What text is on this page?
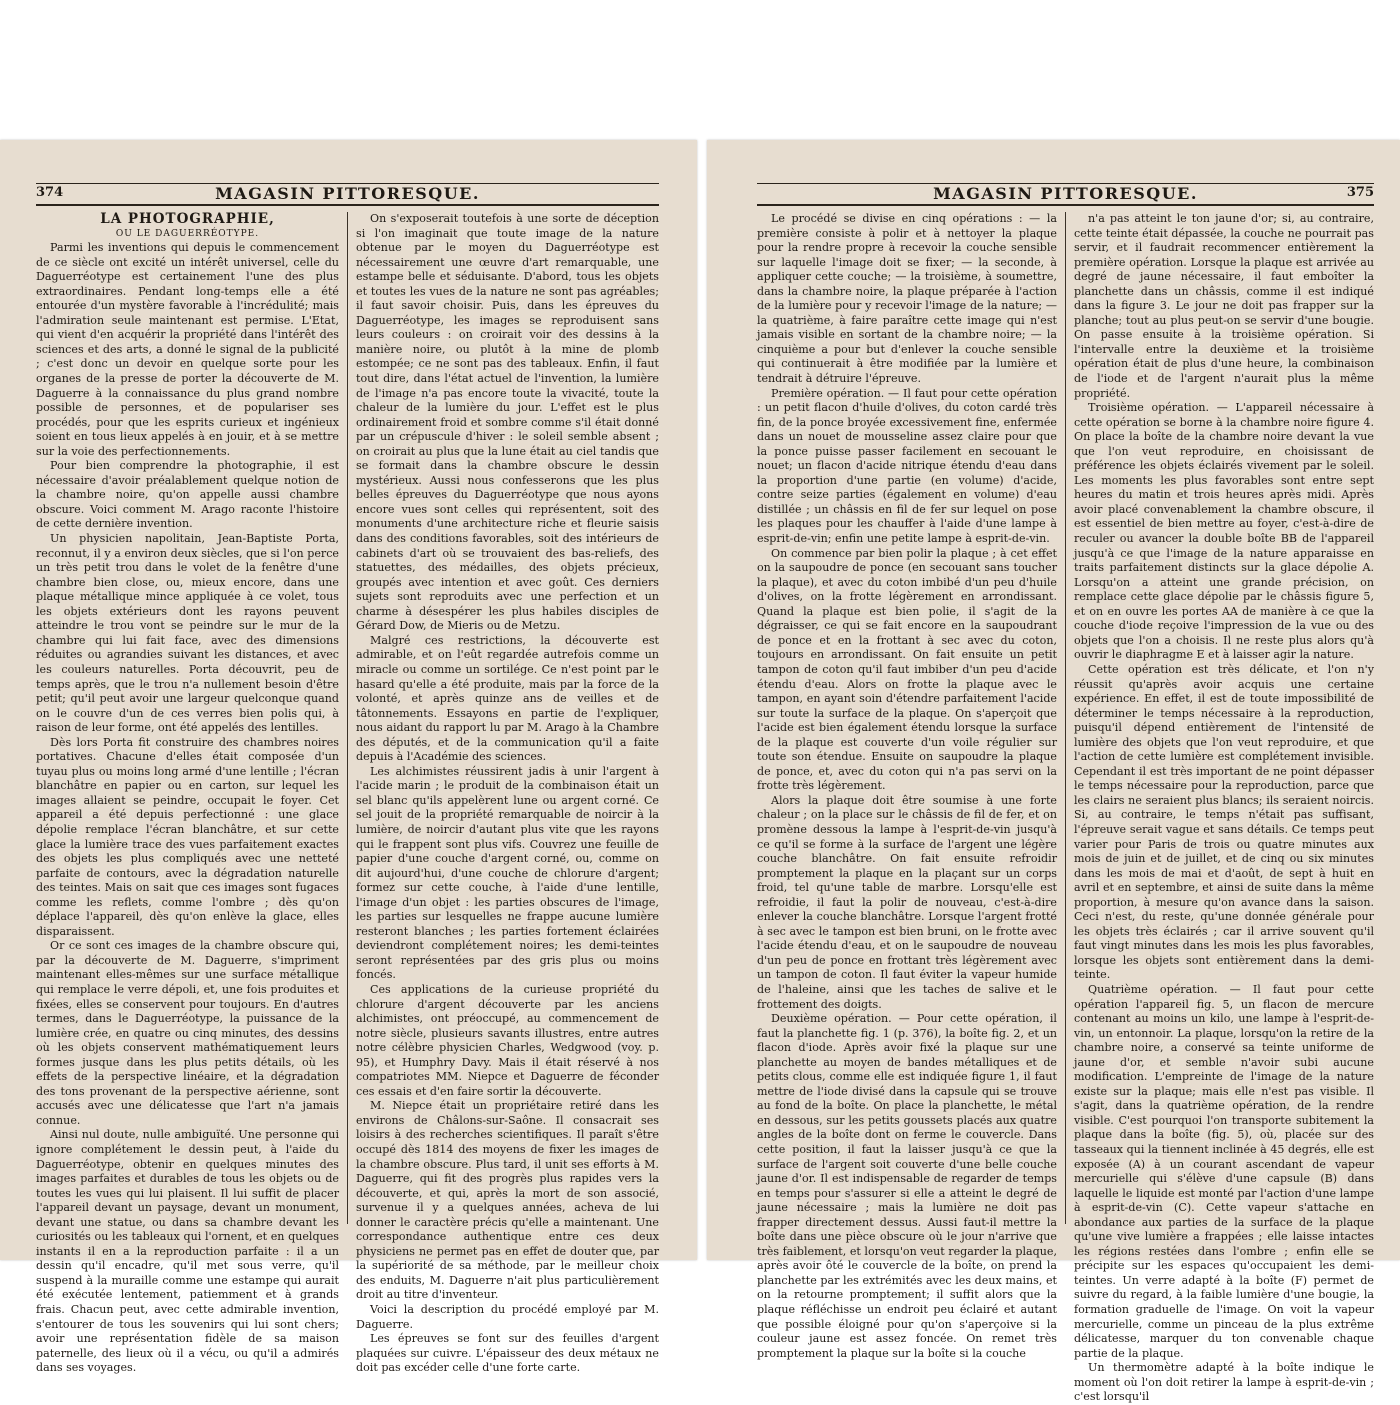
374	MAGASIN PITTORESQUE.

LA PHOTOGRAPHIE,

OU LE DAGUERRÉOTYPE.

Parmi les inventions qui depuis le commencement de ce siècle ont excité un intérêt universel, celle du Daguerréotype est certainement l'une des plus extraordinaires. Pendant long-temps elle a été entourée d'un mystère favorable à l'incrédulité; mais l'admiration seule maintenant est permise. L'Etat, qui vient d'en acquérir la propriété dans l'intérêt des sciences et des arts, a donné le signal de la publicité ; c'est donc un devoir en quelque sorte pour les organes de la presse de porter la découverte de M. Daguerre à la connaissance du plus grand nombre possible de personnes, et de populariser ses procédés, pour que les esprits curieux et ingénieux soient en tous lieux appelés à en jouir, et à se mettre sur la voie des perfectionnements.

Pour bien comprendre la photographie, il est nécessaire d'avoir préalablement quelque notion de la chambre noire, qu'on appelle aussi chambre obscure. Voici comment M. Arago raconte l'histoire de cette dernière invention.

Un physicien napolitain, Jean-Baptiste Porta, reconnut, il y a environ deux siècles, que si l'on perce un très petit trou dans le volet de la fenêtre d'une chambre bien close, ou, mieux encore, dans une plaque métallique mince appliquée à ce volet, tous les objets extérieurs dont les rayons peuvent atteindre le trou vont se peindre sur le mur de la chambre qui lui fait face, avec des dimensions réduites ou agrandies suivant les distances, et avec les couleurs naturelles. Porta découvrit, peu de temps après, que le trou n'a nullement besoin d'être petit; qu'il peut avoir une largeur quelconque quand on le couvre d'un de ces verres bien polis qui, à raison de leur forme, ont été appelés des lentilles.

Dès lors Porta fit construire des chambres noires portatives. Chacune d'elles était composée d'un tuyau plus ou moins long armé d'une lentille ; l'écran blanchâtre en papier ou en carton, sur lequel les images allaient se peindre, occupait le foyer. Cet appareil a été depuis perfectionné : une glace dépolie remplace l'écran blanchâtre, et sur cette glace la lumière trace des vues parfaitement exactes des objets les plus compliqués avec une netteté parfaite de contours, avec la dégradation naturelle des teintes. Mais on sait que ces images sont fugaces comme les reflets, comme l'ombre ; dès qu'on déplace l'appareil, dès qu'on enlève la glace, elles disparaissent.

Or ce sont ces images de la chambre obscure qui, par la découverte de M. Daguerre, s'impriment maintenant elles-mêmes sur une surface métallique qui remplace le verre dépoli, et, une fois produites et fixées, elles se conservent pour toujours. En d'autres termes, dans le Daguerréotype, la puissance de la lumière crée, en quatre ou cinq minutes, des dessins où les objets conservent mathématiquement leurs formes jusque dans les plus petits détails, où les effets de la perspective linéaire, et la dégradation des tons provenant de la perspective aérienne, sont accusés avec une délicatesse que l'art n'a jamais connue.

Ainsi nul doute, nulle ambiguïté. Une personne qui ignore complétement le dessin peut, à l'aide du Daguerréotype, obtenir en quelques minutes des images parfaites et durables de tous les objets ou de toutes les vues qui lui plaisent. Il lui suffit de placer l'appareil devant un paysage, devant un monument, devant une statue, ou dans sa chambre devant les curiosités ou les tableaux qui l'ornent, et en quelques instants il en a la reproduction parfaite : il a un dessin qu'il encadre, qu'il met sous verre, qu'il suspend à la muraille comme une estampe qui aurait été exécutée lentement, patiemment et à grands frais. Chacun peut, avec cette admirable invention, s'entourer de tous les souvenirs qui lui sont chers; avoir une représentation fidèle de sa maison paternelle, des lieux où il a vécu, ou qu'il a admirés dans ses voyages.

On s'exposerait toutefois à une sorte de déception si l'on imaginait que toute image de la nature obtenue par le moyen du Daguerréotype est nécessairement une œuvre d'art remarquable, une estampe belle et séduisante. D'abord, tous les objets et toutes les vues de la nature ne sont pas agréables; il faut savoir choisir. Puis, dans les épreuves du Daguerréotype, les images se reproduisent sans leurs couleurs : on croirait voir des dessins à la manière noire, ou plutôt à la mine de plomb estompée; ce ne sont pas des tableaux. Enfin, il faut tout dire, dans l'état actuel de l'invention, la lumière de l'image n'a pas encore toute la vivacité, toute la chaleur de la lumière du jour. L'effet est le plus ordinairement froid et sombre comme s'il était donné par un crépuscule d'hiver : le soleil semble absent ; on croirait au plus que la lune était au ciel tandis que se formait dans la chambre obscure le dessin mystérieux. Aussi nous confesserons que les plus belles épreuves du Daguerréotype que nous ayons encore vues sont celles qui représentent, soit des monuments d'une architecture riche et fleurie saisis dans des conditions favorables, soit des intérieurs de cabinets d'art où se trouvaient des bas-reliefs, des statuettes, des médailles, des objets précieux, groupés avec intention et avec goût. Ces derniers sujets sont reproduits avec une perfection et un charme à désespérer les plus habiles disciples de Gérard Dow, de Mieris ou de Metzu.

Malgré ces restrictions, la découverte est admirable, et on l'eût regardée autrefois comme un miracle ou comme un sortilége. Ce n'est point par le hasard qu'elle a été produite, mais par la force de la volonté, et après quinze ans de veilles et de tâtonnements. Essayons en partie de l'expliquer, nous aidant du rapport lu par M. Arago à la Chambre des députés, et de la communication qu'il a faite depuis à l'Académie des sciences.

Les alchimistes réussirent jadis à unir l'argent à l'acide marin ; le produit de la combinaison était un sel blanc qu'ils appelèrent lune ou argent corné. Ce sel jouit de la propriété remarquable de noircir à la lumière, de noircir d'autant plus vite que les rayons qui le frappent sont plus vifs. Couvrez une feuille de papier d'une couche d'argent corné, ou, comme on dit aujourd'hui, d'une couche de chlorure d'argent; formez sur cette couche, à l'aide d'une lentille, l'image d'un objet : les parties obscures de l'image, les parties sur lesquelles ne frappe aucune lumière resteront blanches ; les parties fortement éclairées deviendront complétement noires; les demi-teintes seront représentées par des gris plus ou moins foncés.

Ces applications de la curieuse propriété du chlorure d'argent découverte par les anciens alchimistes, ont préoccupé, au commencement de notre siècle, plusieurs savants illustres, entre autres notre célèbre physicien Charles, Wedgwood (voy. p. 95), et Humphry Davy. Mais il était réservé à nos compatriotes MM. Niepce et Daguerre de féconder ces essais et d'en faire sortir la découverte.

M. Niepce était un propriétaire retiré dans les environs de Châlons-sur-Saône. Il consacrait ses loisirs à des recherches scientifiques. Il paraît s'être occupé dès 1814 des moyens de fixer les images de la chambre obscure. Plus tard, il unit ses efforts à M. Daguerre, qui fit des progrès plus rapides vers la découverte, et qui, après la mort de son associé, survenue il y a quelques années, acheva de lui donner le caractère précis qu'elle a maintenant. Une correspondance authentique entre ces deux physiciens ne permet pas en effet de douter que, par la supériorité de sa méthode, par le meilleur choix des enduits, M. Daguerre n'ait plus particulièrement droit au titre d'inventeur.

Voici la description du procédé employé par M. Daguerre.

Les épreuves se font sur des feuilles d'argent plaquées sur cuivre. L'épaisseur des deux métaux ne doit pas excéder celle d'une forte carte.

MAGASIN PITTORESQUE.	375

Le procédé se divise en cinq opérations : — la première consiste à polir et à nettoyer la plaque pour la rendre propre à recevoir la couche sensible sur laquelle l'image doit se fixer; — la seconde, à appliquer cette couche; — la troisième, à soumettre, dans la chambre noire, la plaque préparée à l'action de la lumière pour y recevoir l'image de la nature; — la quatrième, à faire paraître cette image qui n'est jamais visible en sortant de la chambre noire; — la cinquième a pour but d'enlever la couche sensible qui continuerait à être modifiée par la lumière et tendrait à détruire l'épreuve.

Première opération. — Il faut pour cette opération : un petit flacon d'huile d'olives, du coton cardé très fin, de la ponce broyée excessivement fine, enfermée dans un nouet de mousseline assez claire pour que la ponce puisse passer facilement en secouant le nouet; un flacon d'acide nitrique étendu d'eau dans la proportion d'une partie (en volume) d'acide, contre seize parties (également en volume) d'eau distillée ; un châssis en fil de fer sur lequel on pose les plaques pour les chauffer à l'aide d'une lampe à esprit-de-vin; enfin une petite lampe à esprit-de-vin.

On commence par bien polir la plaque ; à cet effet on la saupoudre de ponce (en secouant sans toucher la plaque), et avec du coton imbibé d'un peu d'huile d'olives, on la frotte légèrement en arrondissant. Quand la plaque est bien polie, il s'agit de la dégraisser, ce qui se fait encore en la saupoudrant de ponce et en la frottant à sec avec du coton, toujours en arrondissant. On fait ensuite un petit tampon de coton qu'il faut imbiber d'un peu d'acide étendu d'eau. Alors on frotte la plaque avec le tampon, en ayant soin d'étendre parfaitement l'acide sur toute la surface de la plaque. On s'aperçoit que l'acide est bien également étendu lorsque la surface de la plaque est couverte d'un voile régulier sur toute son étendue. Ensuite on saupoudre la plaque de ponce, et, avec du coton qui n'a pas servi on la frotte très légèrement.

Alors la plaque doit être soumise à une forte chaleur ; on la place sur le châssis de fil de fer, et on promène dessous la lampe à l'esprit-de-vin jusqu'à ce qu'il se forme à la surface de l'argent une légère couche blanchâtre. On fait ensuite refroidir promptement la plaque en la plaçant sur un corps froid, tel qu'une table de marbre. Lorsqu'elle est refroidie, il faut la polir de nouveau, c'est-à-dire enlever la couche blanchâtre. Lorsque l'argent frotté à sec avec le tampon est bien bruni, on le frotte avec l'acide étendu d'eau, et on le saupoudre de nouveau d'un peu de ponce en frottant très légèrement avec un tampon de coton. Il faut éviter la vapeur humide de l'haleine, ainsi que les taches de salive et le frottement des doigts.

Deuxième opération. — Pour cette opération, il faut la planchette fig. 1 (p. 376), la boîte fig. 2, et un flacon d'iode. Après avoir fixé la plaque sur une planchette au moyen de bandes métalliques et de petits clous, comme elle est indiquée figure 1, il faut mettre de l'iode divisé dans la capsule qui se trouve au fond de la boîte. On place la planchette, le métal en dessous, sur les petits goussets placés aux quatre angles de la boîte dont on ferme le couvercle. Dans cette position, il faut la laisser jusqu'à ce que la surface de l'argent soit couverte d'une belle couche jaune d'or. Il est indispensable de regarder de temps en temps pour s'assurer si elle a atteint le degré de jaune nécessaire ; mais la lumière ne doit pas frapper directement dessus. Aussi faut-il mettre la boîte dans une pièce obscure où le jour n'arrive que très faiblement, et lorsqu'on veut regarder la plaque, après avoir ôté le couvercle de la boîte, on prend la planchette par les extrémités avec les deux mains, et on la retourne promptement; il suffit alors que la plaque réfléchisse un endroit peu éclairé et autant que possible éloigné pour qu'on s'aperçoive si la couleur jaune est assez foncée. On remet très promptement la plaque sur la boîte si la couche

n'a pas atteint le ton jaune d'or; si, au contraire, cette teinte était dépassée, la couche ne pourrait pas servir, et il faudrait recommencer entièrement la première opération. Lorsque la plaque est arrivée au degré de jaune nécessaire, il faut emboîter la planchette dans un châssis, comme il est indiqué dans la figure 3. Le jour ne doit pas frapper sur la planche; tout au plus peut-on se servir d'une bougie. On passe ensuite à la troisième opération. Si l'intervalle entre la deuxième et la troisième opération était de plus d'une heure, la combinaison de l'iode et de l'argent n'aurait plus la même propriété.

Troisième opération. — L'appareil nécessaire à cette opération se borne à la chambre noire figure 4. On place la boîte de la chambre noire devant la vue que l'on veut reproduire, en choisissant de préférence les objets éclairés vivement par le soleil. Les moments les plus favorables sont entre sept heures du matin et trois heures après midi. Après avoir placé convenablement la chambre obscure, il est essentiel de bien mettre au foyer, c'est-à-dire de reculer ou avancer la double boîte BB de l'appareil jusqu'à ce que l'image de la nature apparaisse en traits parfaitement distincts sur la glace dépolie A. Lorsqu'on a atteint une grande précision, on remplace cette glace dépolie par le châssis figure 5, et on en ouvre les portes AA de manière à ce que la couche d'iode reçoive l'impression de la vue ou des objets que l'on a choisis. Il ne reste plus alors qu'à ouvrir le diaphragme E et à laisser agir la nature.

Cette opération est très délicate, et l'on n'y réussit qu'après avoir acquis une certaine expérience. En effet, il est de toute impossibilité de déterminer le temps nécessaire à la reproduction, puisqu'il dépend entièrement de l'intensité de lumière des objets que l'on veut reproduire, et que l'action de cette lumière est complétement invisible. Cependant il est très important de ne point dépasser le temps nécessaire pour la reproduction, parce que les clairs ne seraient plus blancs; ils seraient noircis. Si, au contraire, le temps n'était pas suffisant, l'épreuve serait vague et sans détails. Ce temps peut varier pour Paris de trois ou quatre minutes aux mois de juin et de juillet, et de cinq ou six minutes dans les mois de mai et d'août, de sept à huit en avril et en septembre, et ainsi de suite dans la même proportion, à mesure qu'on avance dans la saison. Ceci n'est, du reste, qu'une donnée générale pour les objets très éclairés ; car il arrive souvent qu'il faut vingt minutes dans les mois les plus favorables, lorsque les objets sont entièrement dans la demi-teinte.

Quatrième opération. — Il faut pour cette opération l'appareil fig. 5, un flacon de mercure contenant au moins un kilo, une lampe à l'esprit-de-vin, un entonnoir. La plaque, lorsqu'on la retire de la chambre noire, a conservé sa teinte uniforme de jaune d'or, et semble n'avoir subi aucune modification. L'empreinte de l'image de la nature existe sur la plaque; mais elle n'est pas visible. Il s'agit, dans la quatrième opération, de la rendre visible. C'est pourquoi l'on transporte subitement la plaque dans la boîte (fig. 5), où, placée sur des tasseaux qui la tiennent inclinée à 45 degrés, elle est exposée (A) à un courant ascendant de vapeur mercurielle qui s'élève d'une capsule (B) dans laquelle le liquide est monté par l'action d'une lampe à esprit-de-vin (C). Cette vapeur s'attache en abondance aux parties de la surface de la plaque qu'une vive lumière a frappées ; elle laisse intactes les régions restées dans l'ombre ; enfin elle se précipite sur les espaces qu'occupaient les demi-teintes. Un verre adapté à la boîte (F) permet de suivre du regard, à la faible lumière d'une bougie, la formation graduelle de l'image. On voit la vapeur mercurielle, comme un pinceau de la plus extrême délicatesse, marquer du ton convenable chaque partie de la plaque.

Un thermomètre adapté à la boîte indique le moment où l'on doit retirer la lampe à esprit-de-vin ; c'est lorsqu'il
